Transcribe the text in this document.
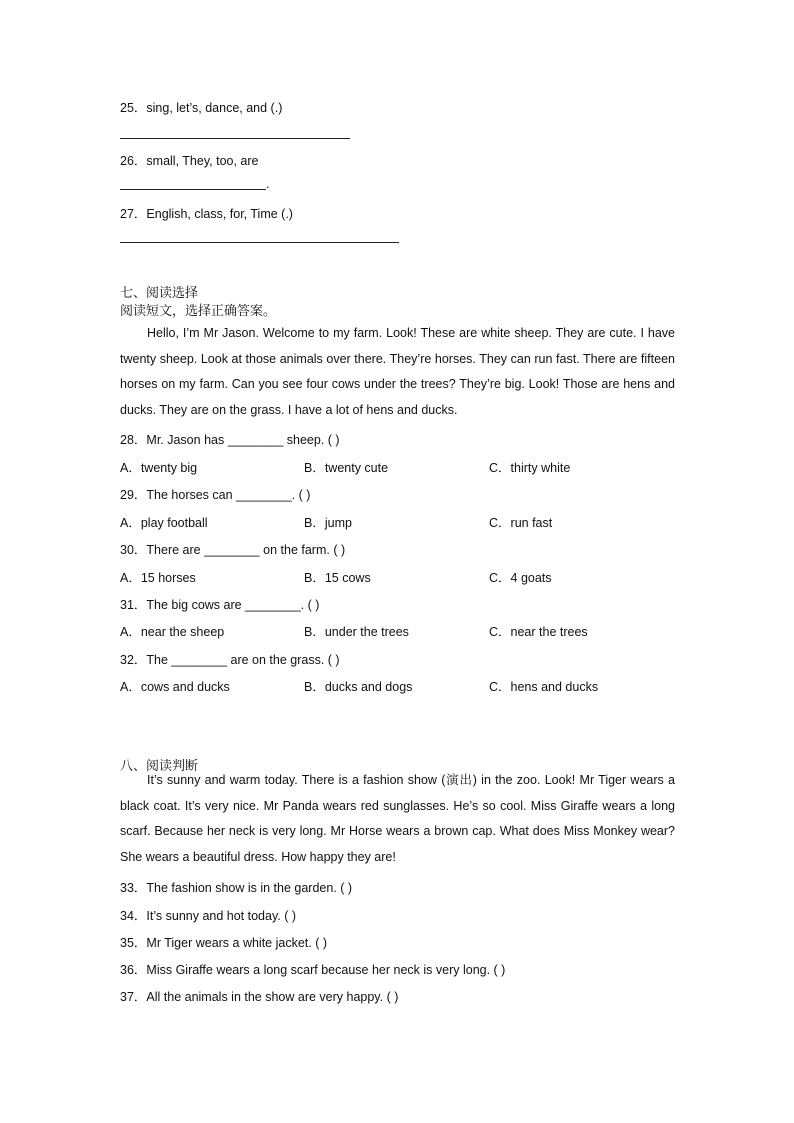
25．sing, let’s, dance, and (.)
26．small, They, too, are
.
27．English, class, for, Time (.)
七、阅读选择
阅读短文，选择正确答案。

Hello, I’m Mr Jason. Welcome to my farm. Look! These are white sheep. They are cute. I have twenty sheep. Look at those animals over there. They’re horses. They can run fast. There are fifteen horses on my farm. Can you see four cows under the trees? They’re big. Look! Those are hens and ducks. They are on the grass. I have a lot of hens and ducks.

28．Mr. Jason has ________ sheep. ( )
A．twenty big	B．twenty cute	C．thirty white
29．The horses can ________. ( )
A．play football	B．jump	C．run fast
30．There are ________ on the farm. ( )
A．15 horses	B．15 cows	C．4 goats
31．The big cows are ________. ( )
A．near the sheep	B．under the trees	C．near the trees
32．The ________ are on the grass. ( )
A．cows and ducks	B．ducks and dogs	C．hens and ducks
八、阅读判断

It’s sunny and warm today. There is a fashion show (演出) in the zoo. Look! Mr Tiger wears a black coat. It’s very nice. Mr Panda wears red sunglasses. He’s so cool. Miss Giraffe wears a long scarf. Because her neck is very long. Mr Horse wears a brown cap. What does Miss Monkey wear? She wears a beautiful dress. How happy they are!

33．The fashion show is in the garden. ( )
34．It’s sunny and hot today. ( )
35．Mr Tiger wears a white jacket. ( )
36．Miss Giraffe wears a long scarf because her neck is very long. ( )
37．All the animals in the show are very happy. ( )
